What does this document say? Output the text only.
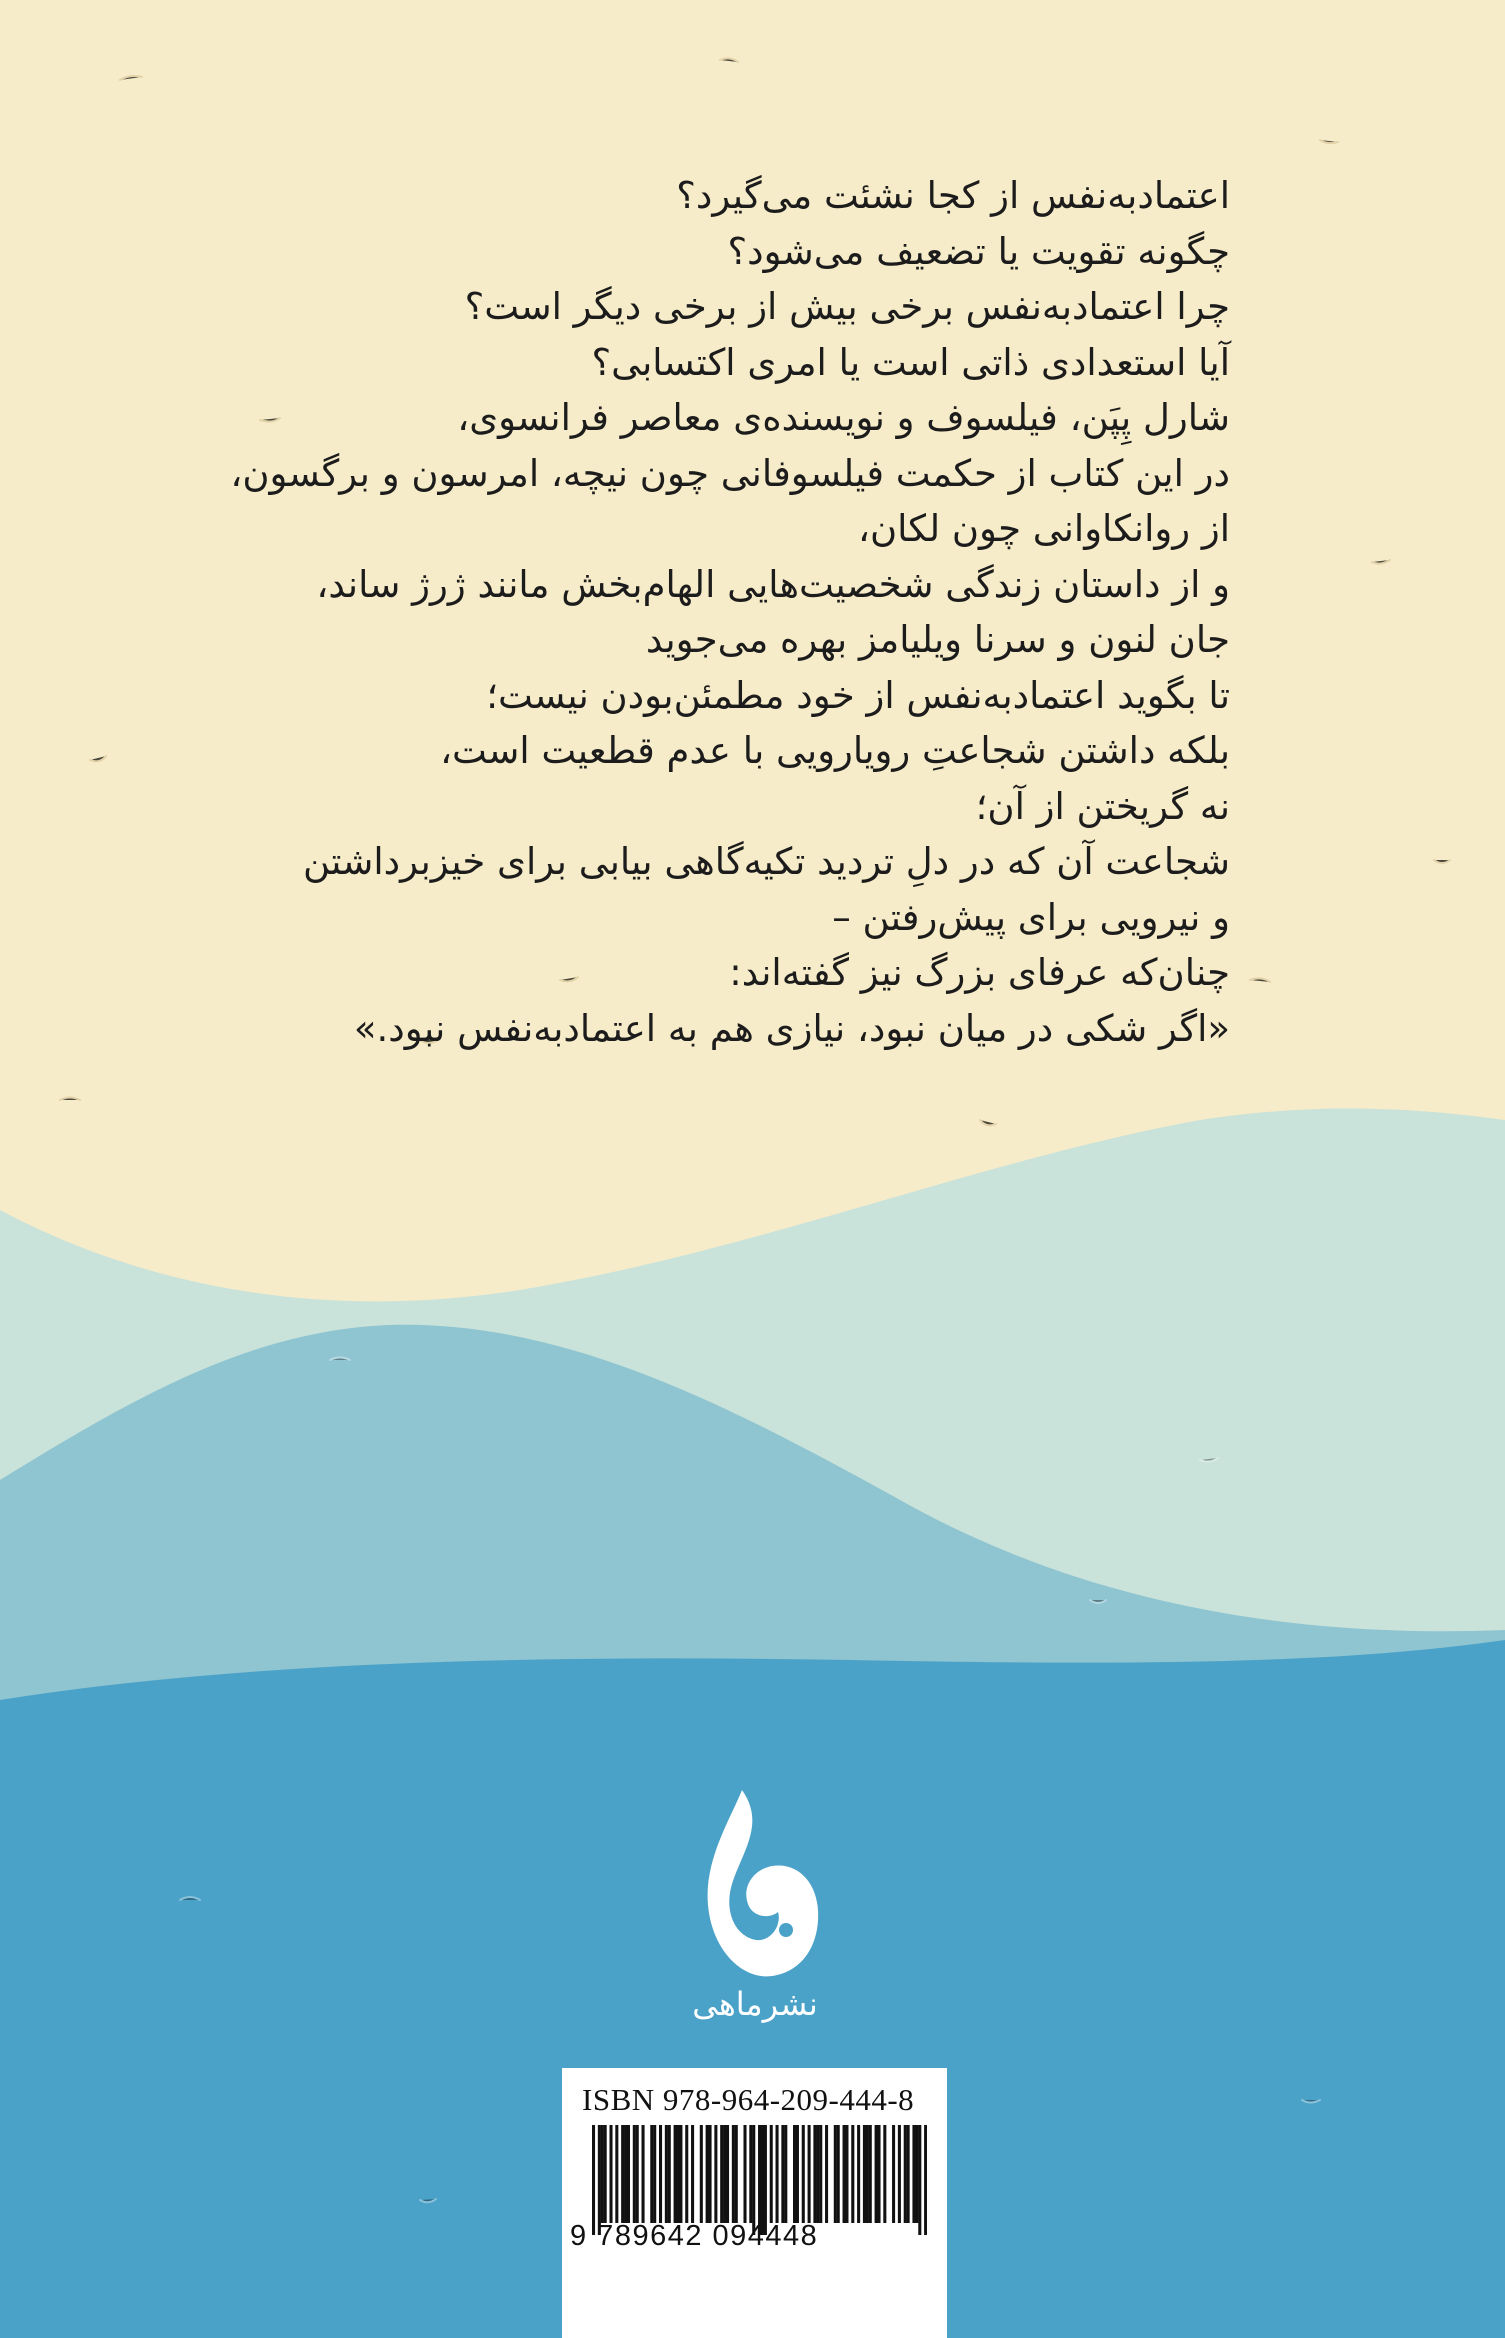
اعتمادبه‌نفس از کجا نشئت می‌گیرد؟
چگونه تقویت یا تضعیف می‌شود؟
چرا اعتمادبه‌نفس برخی بیش از برخی دیگر است؟
آیا استعدادی ذاتی است یا امری اکتسابی؟
شارل پِپَن، فیلسوف و نویسنده‌ی معاصر فرانسوی،
در این کتاب از حکمت فیلسوفانی چون نیچه، امرسون و برگسون،
از روانکاوانی چون لکان،
و از داستان زندگی شخصیت‌هایی الهام‌بخش مانند ژرژ ساند،
جان لنون و سرنا ویلیامز بهره می‌جوید
تا بگوید اعتمادبه‌نفس از خود مطمئن‌بودن نیست؛
بلکه داشتن شجاعتِ رویارویی با عدم قطعیت است،
نه گریختن از آن؛
شجاعت آن که در دلِ تردید تکیه‌گاهی بیابی برای خیزبرداشتن
و نیرویی برای پیش‌رفتن –
چنان‌که عرفای بزرگ نیز گفته‌اند:
«اگر شکی در میان نبود، نیازی هم به اعتمادبه‌نفس نبود.»
نشرماهی
ISBN 978-964-209-444-8
9 789642 094448
